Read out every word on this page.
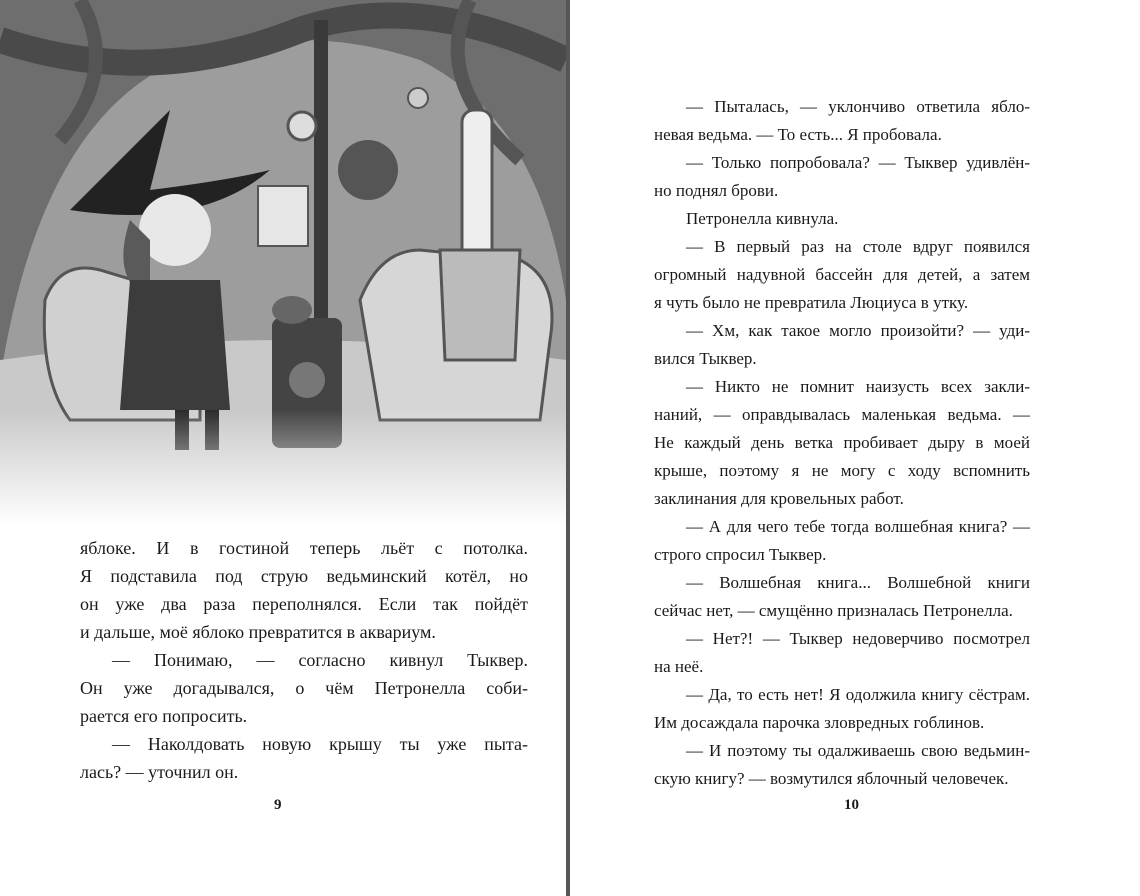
яблоке. И в гостиной теперь льёт с потолка.
Я подставила под струю ведьминский котёл, но
он уже два раза переполнялся. Если так пойдёт
и дальше, моё яблоко превратится в аквариум.
— Понимаю, — согласно кивнул Тыквер.
Он уже догадывался, о чём Петронелла соби-
рается его попросить.
— Наколдовать новую крышу ты уже пыта-
лась? — уточнил он.
9	10
— Пыталась, — уклончиво ответила ябло-
невая ведьма. — То есть... Я пробовала.
— Только попробовала? — Тыквер удивлён-
но поднял брови.
Петронелла кивнула.
— В первый раз на столе вдруг появился
огромный надувной бассейн для детей, а затем
я чуть было не превратила Люциуса в утку.
— Хм, как такое могло произойти? — уди-
вился Тыквер.
— Никто не помнит наизусть всех закли-
наний, — оправдывалась маленькая ведьма. —
Не каждый день ветка пробивает дыру в моей
крыше, поэтому я не могу с ходу вспомнить
заклинания для кровельных работ.
— А для чего тебе тогда волшебная книга? —
строго спросил Тыквер.
— Волшебная книга... Волшебной книги
сейчас нет, — смущённо призналась Петронелла.
— Нет?! — Тыквер недоверчиво посмотрел
на неё.
— Да, то есть нет! Я одолжила книгу сёстрам.
Им досаждала парочка зловредных гоблинов.
— И поэтому ты одалживаешь свою ведьмин-
скую книгу? — возмутился яблочный человечек.
